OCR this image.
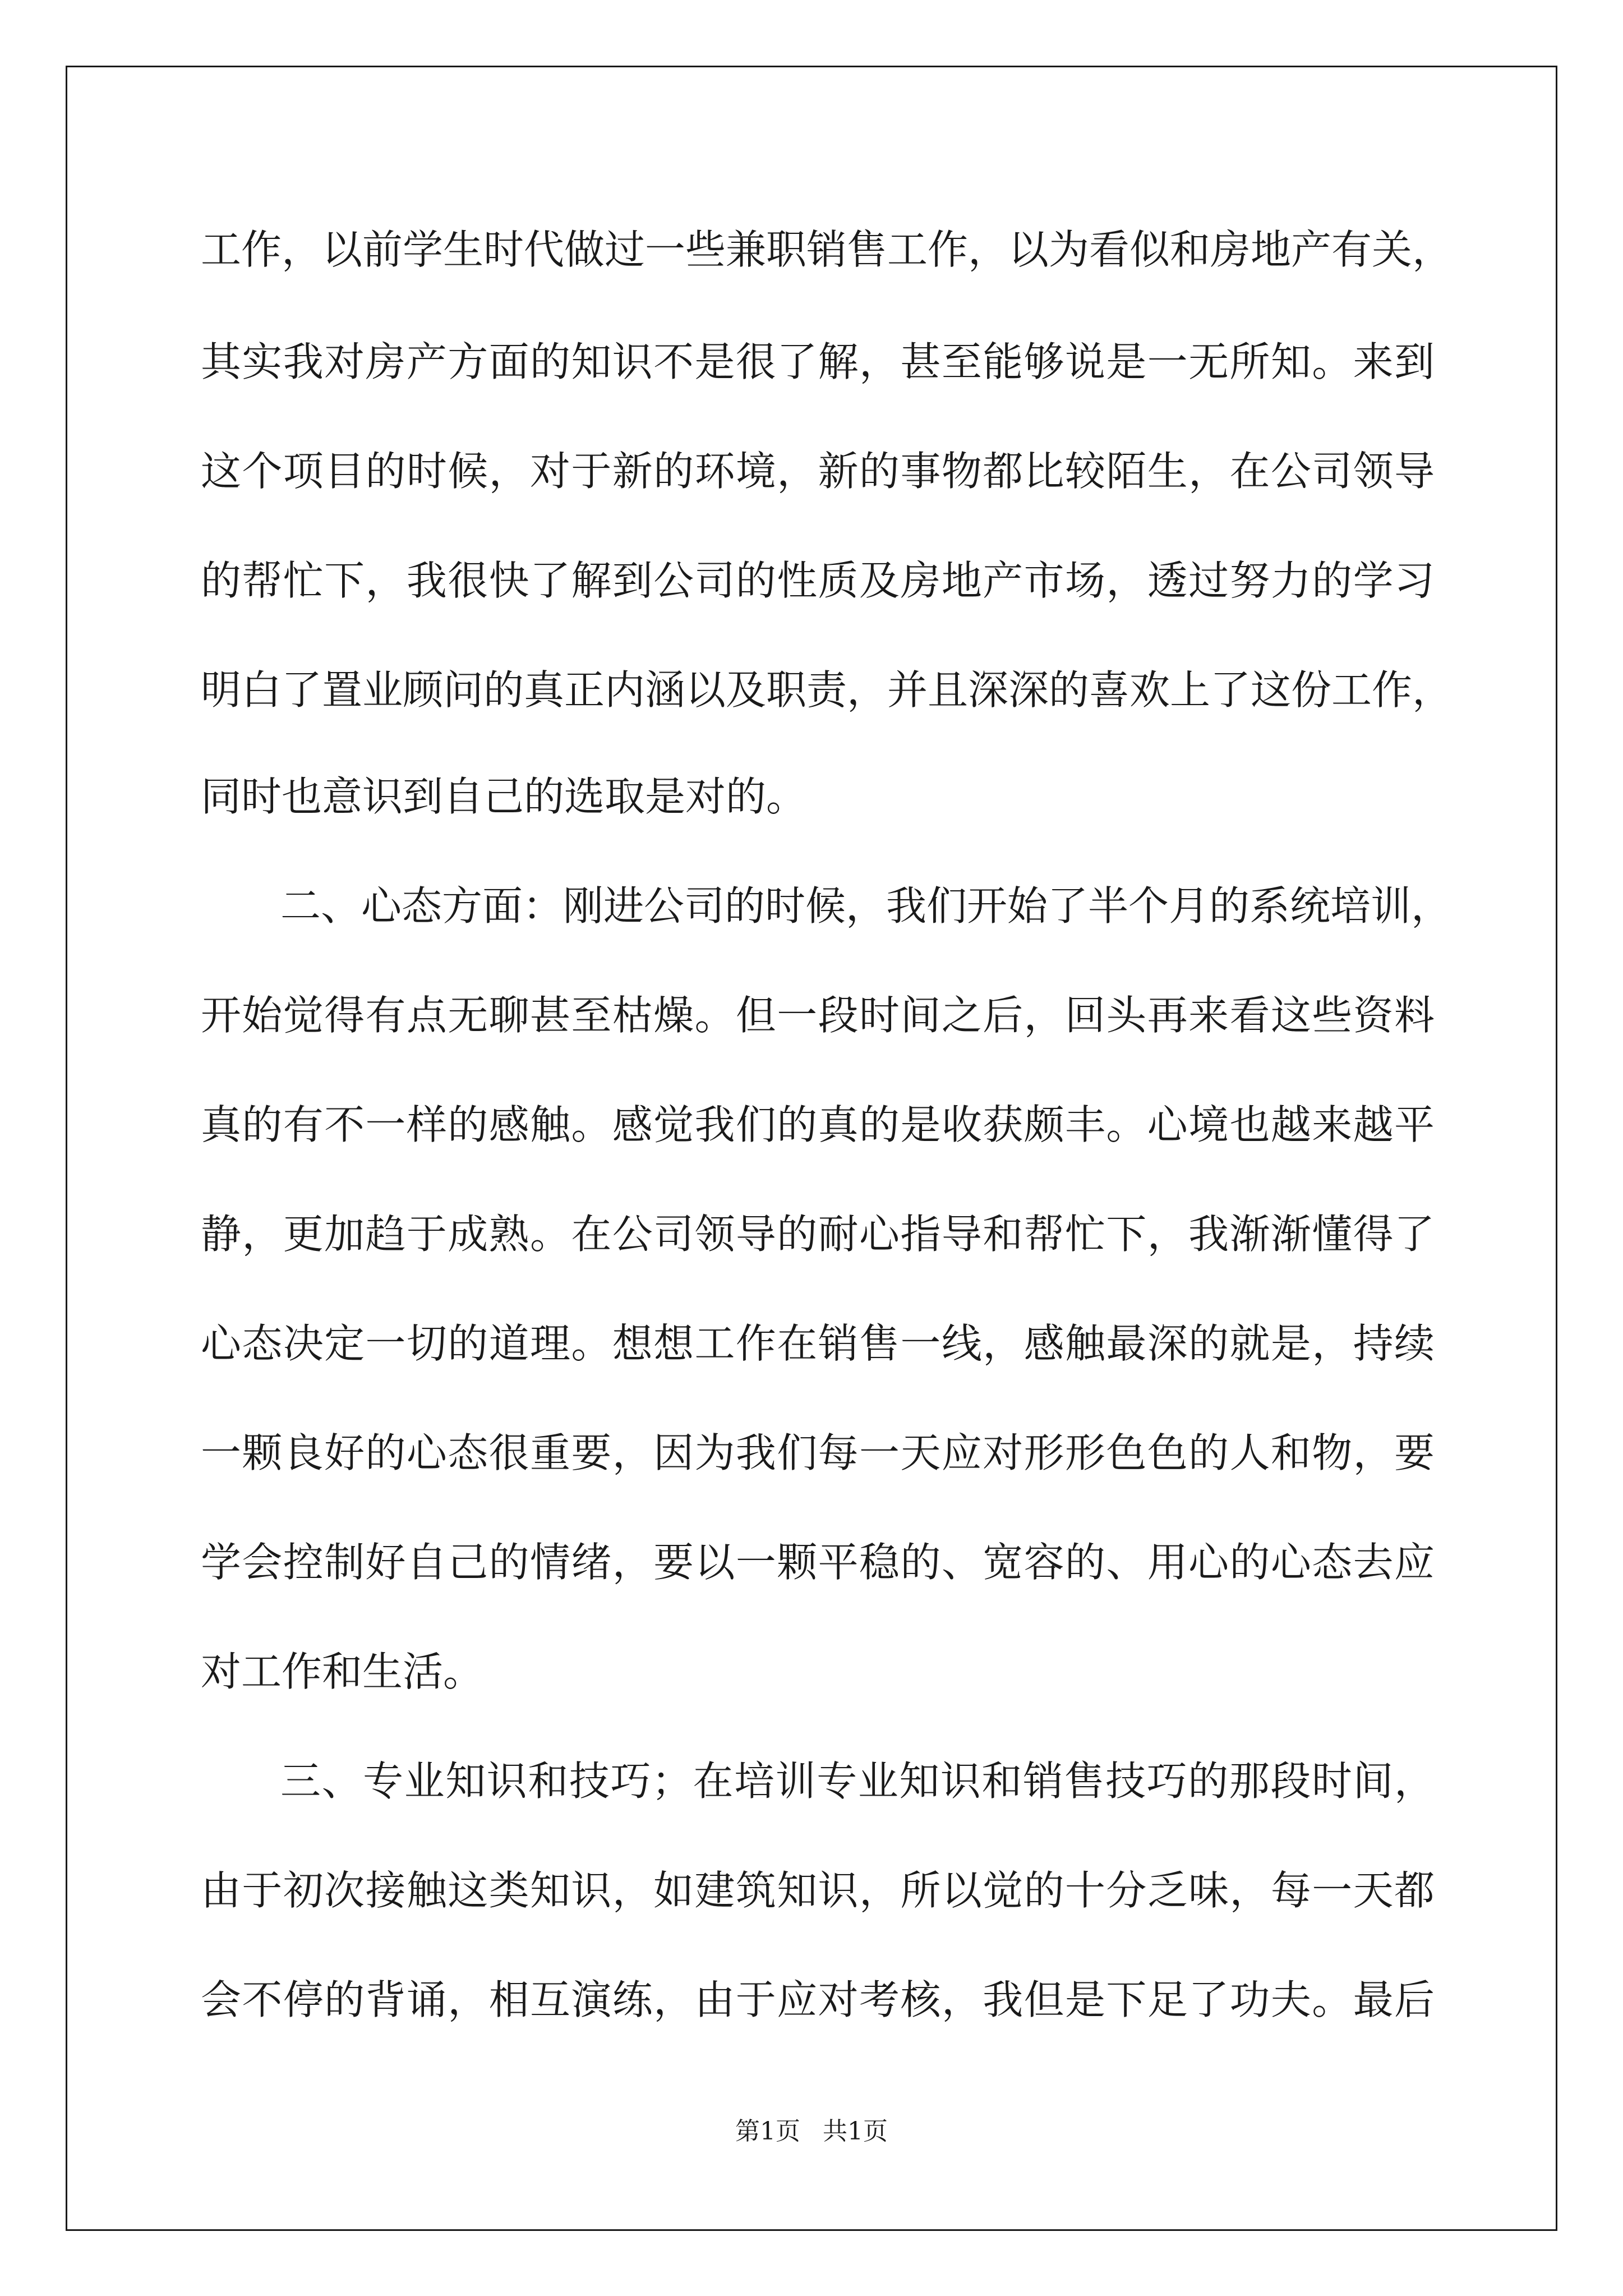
工作，以前学生时代做过一些兼职销售工作，以为看似和房地产有关，
其实我对房产方面的知识不是很了解，甚至能够说是一无所知。来到
这个项目的时候，对于新的环境，新的事物都比较陌生，在公司领导
的帮忙下，我很快了解到公司的性质及房地产市场，透过努力的学习
明白了置业顾问的真正内涵以及职责，并且深深的喜欢上了这份工作，
同时也意识到自己的选取是对的。
二、心态方面：刚进公司的时候，我们开始了半个月的系统培训，
开始觉得有点无聊甚至枯燥。但一段时间之后，回头再来看这些资料
真的有不一样的感触。感觉我们的真的是收获颇丰。心境也越来越平
静，更加趋于成熟。在公司领导的耐心指导和帮忙下，我渐渐懂得了
心态决定一切的道理。想想工作在销售一线，感触最深的就是，持续
一颗良好的心态很重要，因为我们每一天应对形形色色的人和物，要
学会控制好自己的情绪，要以一颗平稳的、宽容的、用心的心态去应
对工作和生活。
三、专业知识和技巧；在培训专业知识和销售技巧的那段时间，
由于初次接触这类知识，如建筑知识，所以觉的十分乏味，每一天都
会不停的背诵，相互演练，由于应对考核，我但是下足了功夫。最后
第1页 共1页
